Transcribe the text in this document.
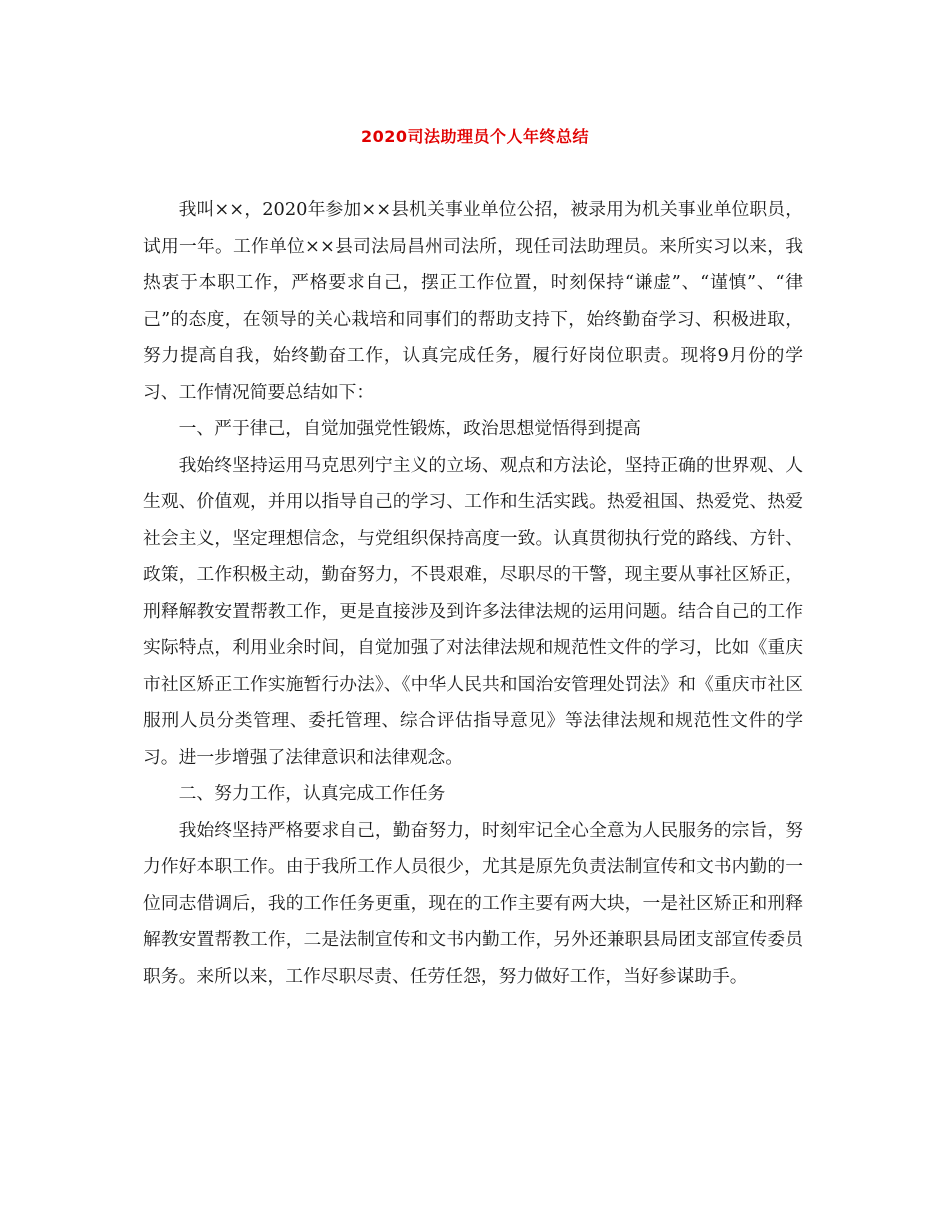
2020司法助理员个人年终总结

我叫××，2020年参加××县机关事业单位公招，被录用为机关事业单位职员，试用一年。工作单位××县司法局昌州司法所，现任司法助理员。来所实习以来，我热衷于本职工作，严格要求自己，摆正工作位置，时刻保持“谦虚”、“谨慎”、“律己”的态度，在领导的关心栽培和同事们的帮助支持下，始终勤奋学习、积极进取，努力提高自我，始终勤奋工作，认真完成任务，履行好岗位职责。现将9月份的学习、工作情况简要总结如下：

一、严于律己，自觉加强党性锻炼，政治思想觉悟得到提高

我始终坚持运用马克思列宁主义的立场、观点和方法论，坚持正确的世界观、人生观、价值观，并用以指导自己的学习、工作和生活实践。热爱祖国、热爱党、热爱社会主义，坚定理想信念，与党组织保持高度一致。认真贯彻执行党的路线、方针、政策，工作积极主动，勤奋努力，不畏艰难，尽职尽的干警，现主要从事社区矫正，刑释解教安置帮教工作，更是直接涉及到许多法律法规的运用问题。结合自己的工作实际特点，利用业余时间，自觉加强了对法律法规和规范性文件的学习，比如《重庆市社区矫正工作实施暂行办法》、《中华人民共和国治安管理处罚法》和《重庆市社区服刑人员分类管理、委托管理、综合评估指导意见》等法律法规和规范性文件的学习。进一步增强了法律意识和法律观念。

二、努力工作，认真完成工作任务

我始终坚持严格要求自己，勤奋努力，时刻牢记全心全意为人民服务的宗旨，努力作好本职工作。由于我所工作人员很少，尤其是原先负责法制宣传和文书内勤的一位同志借调后，我的工作任务更重，现在的工作主要有两大块，一是社区矫正和刑释解教安置帮教工作，二是法制宣传和文书内勤工作，另外还兼职县局团支部宣传委员职务。来所以来，工作尽职尽责、任劳任怨，努力做好工作，当好参谋助手。
